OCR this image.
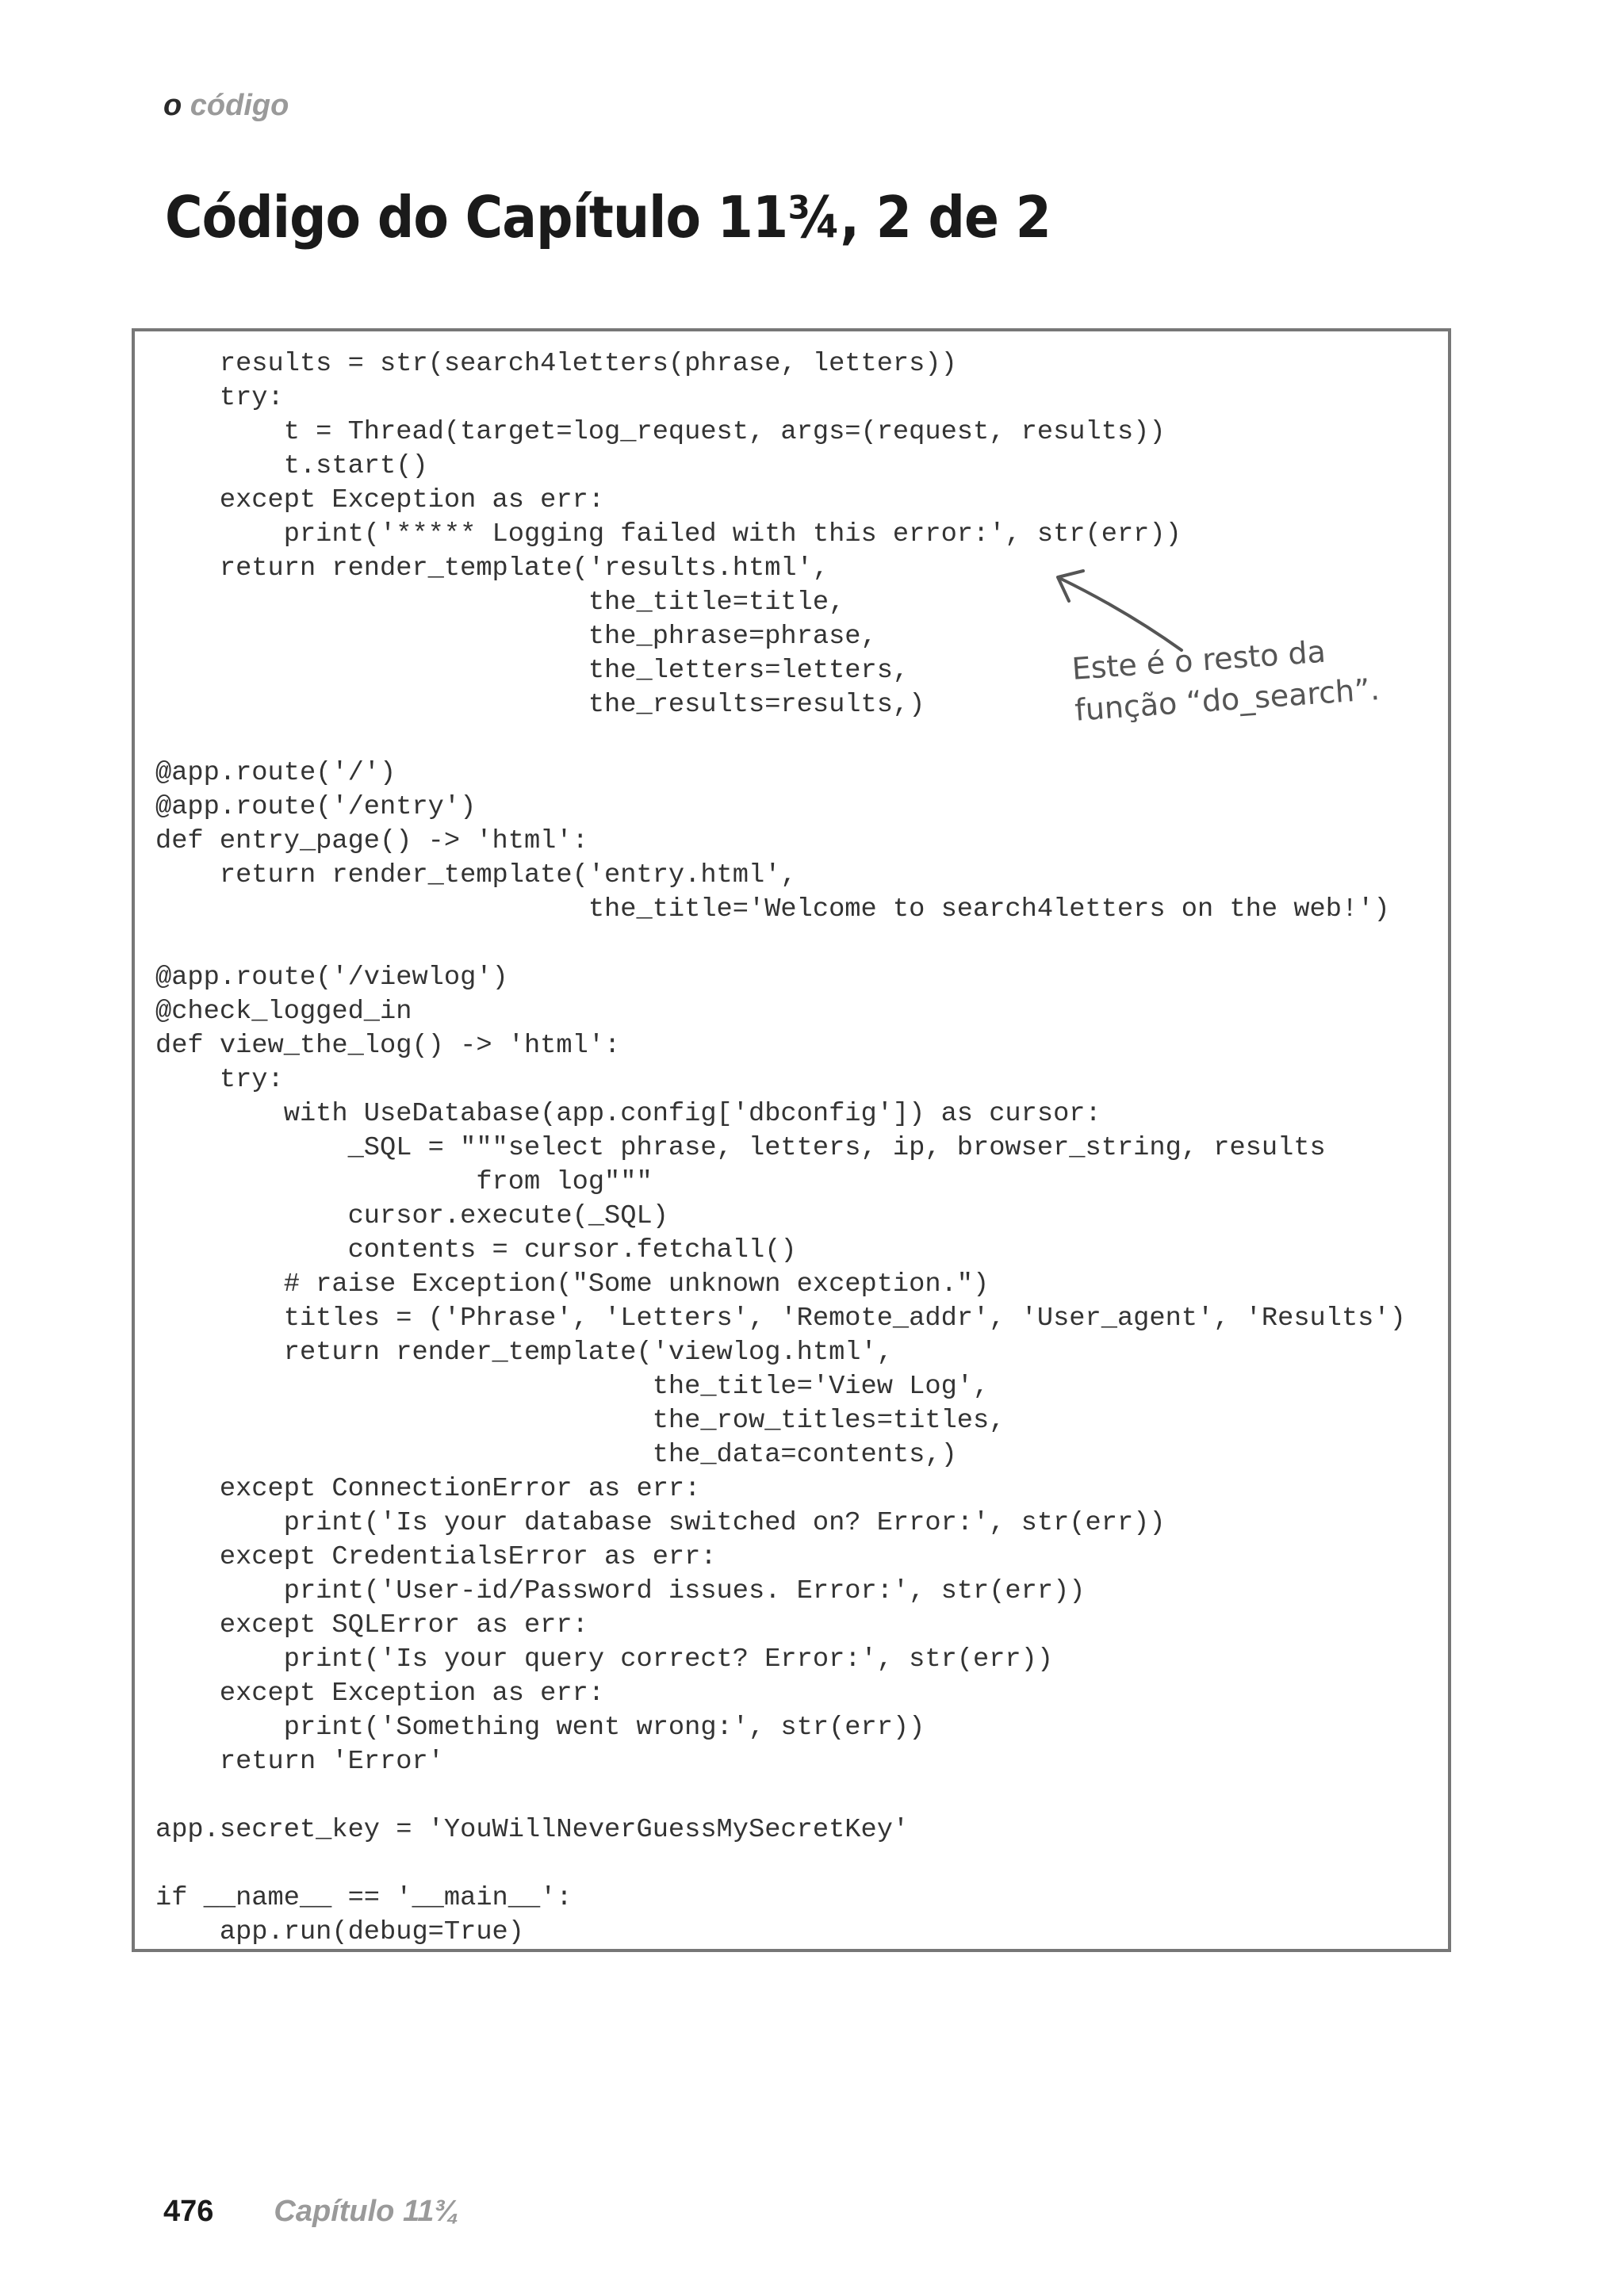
o código
Código do Capítulo 11¾, 2 de 2
results = str(search4letters(phrase, letters))
try:
t = Thread(target=log_request, args=(request, results))
t.start()
except Exception as err:
print('***** Logging failed with this error:', str(err))
return render_template('results.html',
the_title=title,
the_phrase=phrase,
the_letters=letters,
the_results=results,)

@app.route('/')
@app.route('/entry')
def entry_page() -> 'html':
return render_template('entry.html',
the_title='Welcome to search4letters on the web!')

@app.route('/viewlog')
@check_logged_in
def view_the_log() -> 'html':
try:
with UseDatabase(app.config['dbconfig']) as cursor:
_SQL = """select phrase, letters, ip, browser_string, results
from log"""
cursor.execute(_SQL)
contents = cursor.fetchall()
# raise Exception("Some unknown exception.")
titles = ('Phrase', 'Letters', 'Remote_addr', 'User_agent', 'Results')
return render_template('viewlog.html',
the_title='View Log',
the_row_titles=titles,
the_data=contents,)
except ConnectionError as err:
print('Is your database switched on? Error:', str(err))
except CredentialsError as err:
print('User-id/Password issues. Error:', str(err))
except SQLError as err:
print('Is your query correct? Error:', str(err))
except Exception as err:
print('Something went wrong:', str(err))
return 'Error'

app.secret_key = 'YouWillNeverGuessMySecretKey'

if __name__ == '__main__':
app.run(debug=True)
Este é o resto da
função “do_search”.
476 Capítulo 11¾
